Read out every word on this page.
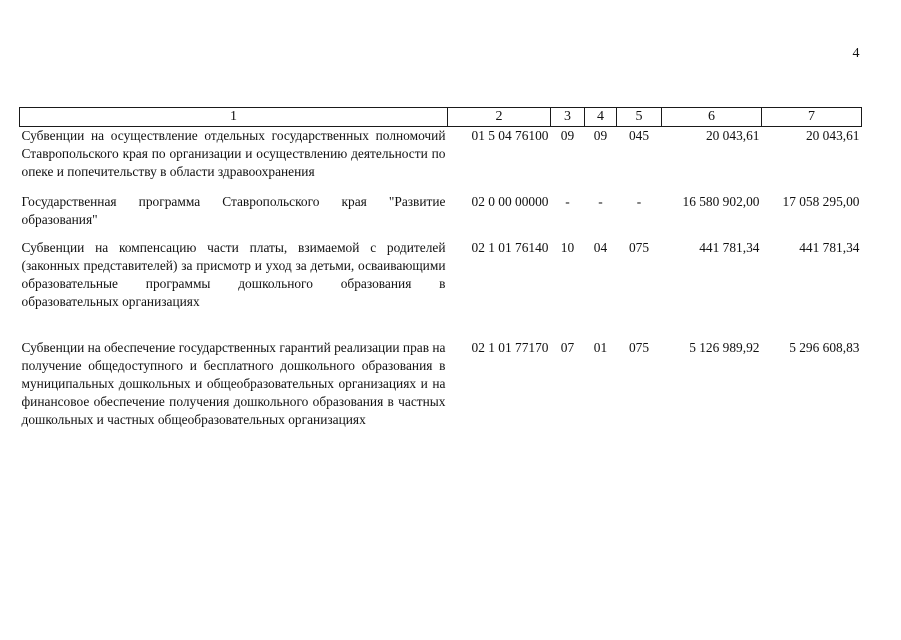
4
1	2	3	4	5	6	7
Субвенции на осуществление отдельных государственных полномочий Ставропольского края по организации и осуществлению деятельности по опеке и попечительству в области здравоохранения	01 5 04 76100	09	09	045	20 043,61	20 043,61
Государственная программа Ставропольского края "Развитие образования"	02 0 00 00000	-	-	-	16 580 902,00	17 058 295,00
Субвенции на компенсацию части платы, взимаемой с родителей (законных представителей) за присмотр и уход за детьми, осваивающими образовательные программы дошкольного образования в образовательных организациях	02 1 01 76140	10	04	075	441 781,34	441 781,34
Субвенции на обеспечение государственных гарантий реализации прав на получение общедоступного и бесплатного дошкольного образования в муниципальных дошкольных и общеобразовательных организациях и на финансовое обеспечение получения дошкольного образования в частных дошкольных и частных общеобразовательных организациях	02 1 01 77170	07	01	075	5 126 989,92	5 296 608,83
